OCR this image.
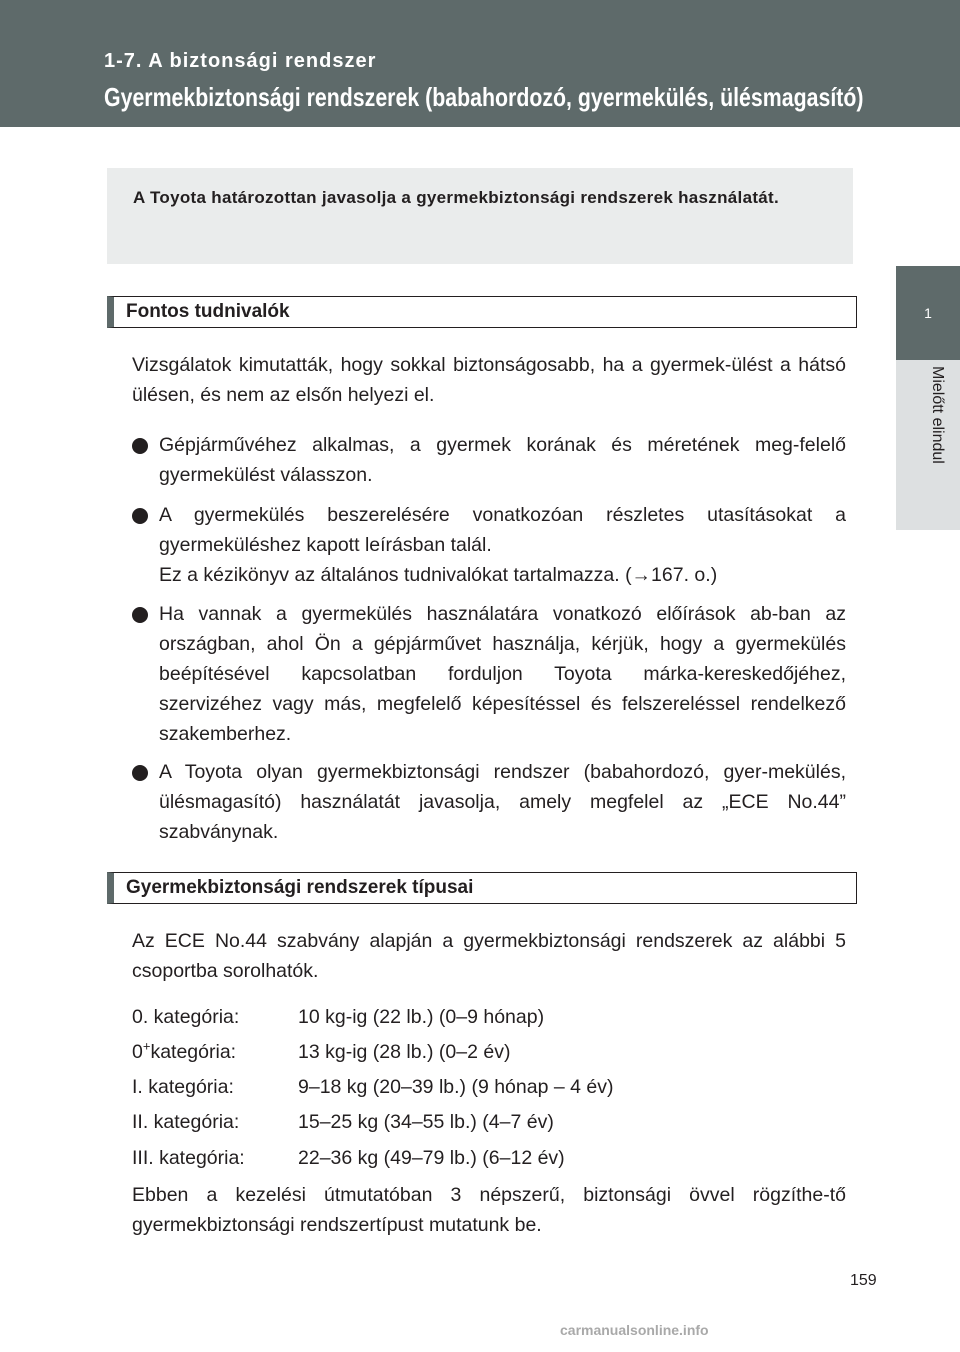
1-7. A biztonsági rendszer
Gyermekbiztonsági rendszerek (babahordozó, gyermekülés, ülésmagasító)
1
Mielőtt elindul

A Toyota határozottan javasolja a gyermekbiztonsági rendszerek használatát.

Fontos tudnivalók
Vizsgálatok kimutatták, hogy sokkal biztonságosabb, ha a gyermek-ülést a hátsó ülésen, és nem az elsőn helyezi el.
Gépjárművéhez alkalmas, a gyermek korának és méretének meg-felelő gyermekülést válasszon.
A gyermekülés beszerelésére vonatkozóan részletes utasításokat a gyermeküléshez kapott leírásban talál.
Ez a kézikönyv az általános tudnivalókat tartalmazza. (→167. o.)
Ha vannak a gyermekülés használatára vonatkozó előírások ab-ban az országban, ahol Ön a gépjárművet használja, kérjük, hogy a gyermekülés beépítésével kapcsolatban forduljon Toyota márka-kereskedőjéhez, szervizéhez vagy más, megfelelő képesítéssel és felszereléssel rendelkező szakemberhez.
A Toyota olyan gyermekbiztonsági rendszer (babahordozó, gyer-mekülés, ülésmagasító) használatát javasolja, amely megfelel az „ECE No.44” szabványnak.
Gyermekbiztonsági rendszerek típusai
Az ECE No.44 szabvány alapján a gyermekbiztonsági rendszerek az alábbi 5 csoportba sorolhatók.
0. kategória:	10 kg-ig (22 lb.) (0–9 hónap)
0+kategória:	13 kg-ig (28 lb.) (0–2 év)
I. kategória:	9–18 kg (20–39 lb.) (9 hónap – 4 év)
II. kategória:	15–25 kg (34–55 lb.) (4–7 év)
III. kategória:	22–36 kg (49–79 lb.) (6–12 év)
Ebben a kezelési útmutatóban 3 népszerű, biztonsági övvel rögzíthe-tő gyermekbiztonsági rendszertípust mutatunk be.
159
carmanualsonline.info
